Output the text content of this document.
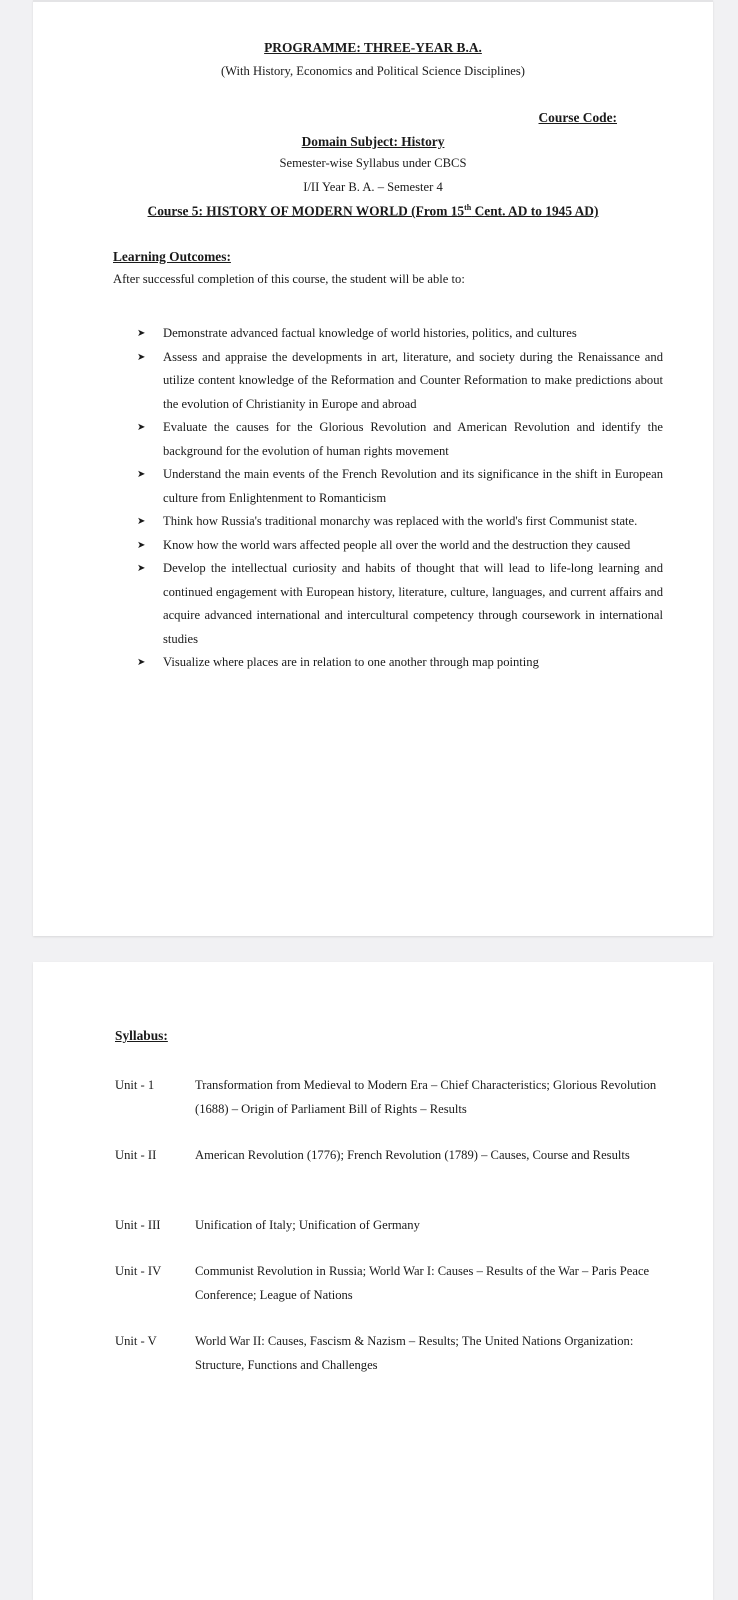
PROGRAMME: THREE-YEAR B.A.
(With History, Economics and Political Science Disciplines)
Course Code:
Domain Subject: History
Semester-wise Syllabus under CBCS
I/II Year B. A. – Semester 4
Course 5: HISTORY OF MODERN WORLD (From 15th Cent. AD to 1945 AD)
Learning Outcomes:
After successful completion of this course, the student will be able to:
➤ Demonstrate advanced factual knowledge of world histories, politics, and cultures
➤ Assess and appraise the developments in art, literature, and society during the Renaissance and utilize content knowledge of the Reformation and Counter Reformation to make predictions about the evolution of Christianity in Europe and abroad
➤ Evaluate the causes for the Glorious Revolution and American Revolution and identify the background for the evolution of human rights movement
➤ Understand the main events of the French Revolution and its significance in the shift in European culture from Enlightenment to Romanticism
➤ Think how Russia's traditional monarchy was replaced with the world's first Communist state.
➤ Know how the world wars affected people all over the world and the destruction they caused
➤ Develop the intellectual curiosity and habits of thought that will lead to life-long learning and continued engagement with European history, literature, culture, languages, and current affairs and acquire advanced international and intercultural competency through coursework in international studies
➤ Visualize where places are in relation to one another through map pointing
Syllabus:
Unit - 1	Transformation from Medieval to Modern Era – Chief Characteristics; Glorious Revolution (1688) – Origin of Parliament Bill of Rights – Results
Unit - II	American Revolution (1776); French Revolution (1789) – Causes, Course and Results
Unit - III	Unification of Italy; Unification of Germany
Unit - IV	Communist Revolution in Russia; World War I: Causes – Results of the War – Paris Peace Conference; League of Nations
Unit - V	World War II: Causes, Fascism & Nazism – Results; The United Nations Organization: Structure, Functions and Challenges
